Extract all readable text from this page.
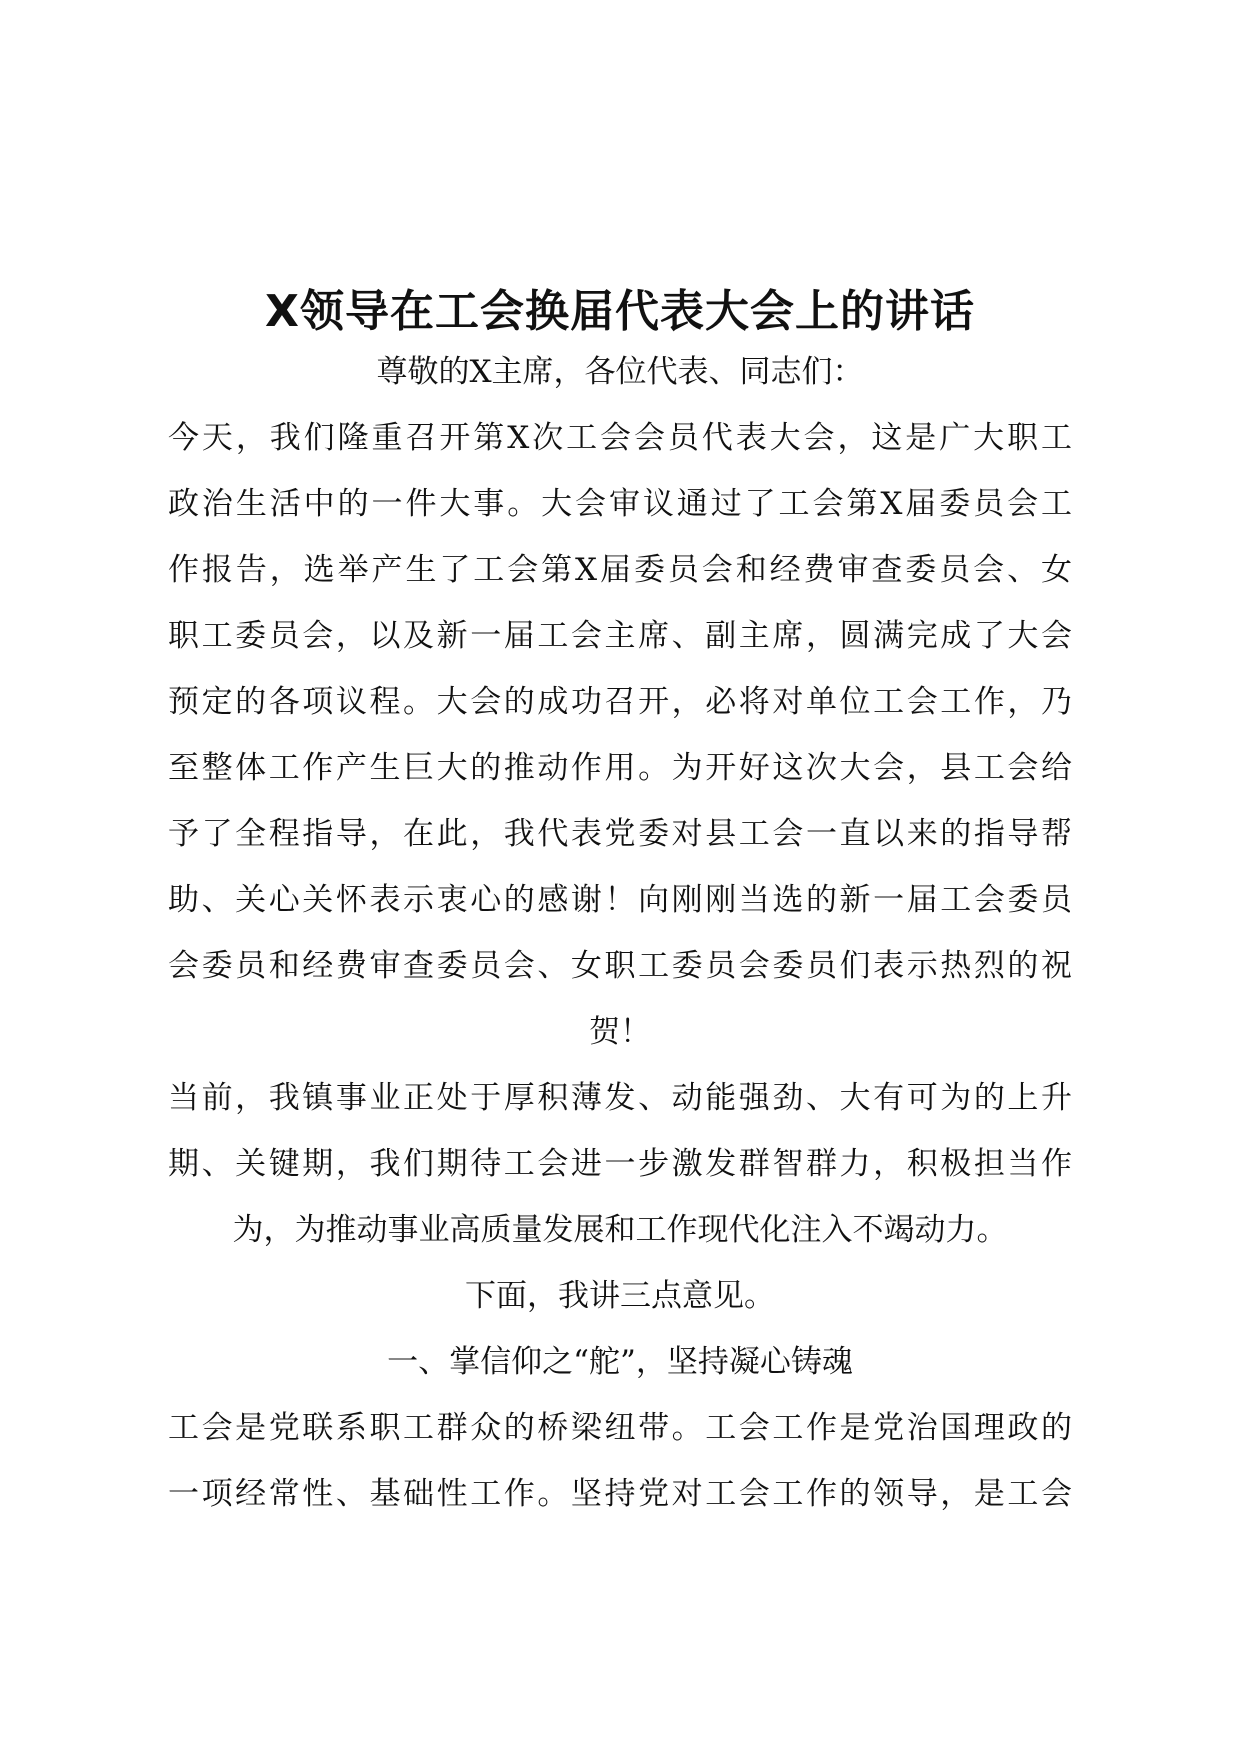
X领导在工会换届代表大会上的讲话

尊敬的X主席，各位代表、同志们：

今天，我们隆重召开第X次工会会员代表大会，这是广大职工

政治生活中的一件大事。大会审议通过了工会第X届委员会工

作报告，选举产生了工会第X届委员会和经费审查委员会、女

职工委员会，以及新一届工会主席、副主席，圆满完成了大会

预定的各项议程。大会的成功召开，必将对单位工会工作，乃

至整体工作产生巨大的推动作用。为开好这次大会，县工会给

予了全程指导，在此，我代表党委对县工会一直以来的指导帮

助、关心关怀表示衷心的感谢！向刚刚当选的新一届工会委员

会委员和经费审查委员会、女职工委员会委员们表示热烈的祝

贺！

当前，我镇事业正处于厚积薄发、动能强劲、大有可为的上升

期、关键期，我们期待工会进一步激发群智群力，积极担当作

为，为推动事业高质量发展和工作现代化注入不竭动力。

下面，我讲三点意见。

一、掌信仰之“舵”，坚持凝心铸魂

工会是党联系职工群众的桥梁纽带。工会工作是党治国理政的

一项经常性、基础性工作。坚持党对工会工作的领导，是工会
